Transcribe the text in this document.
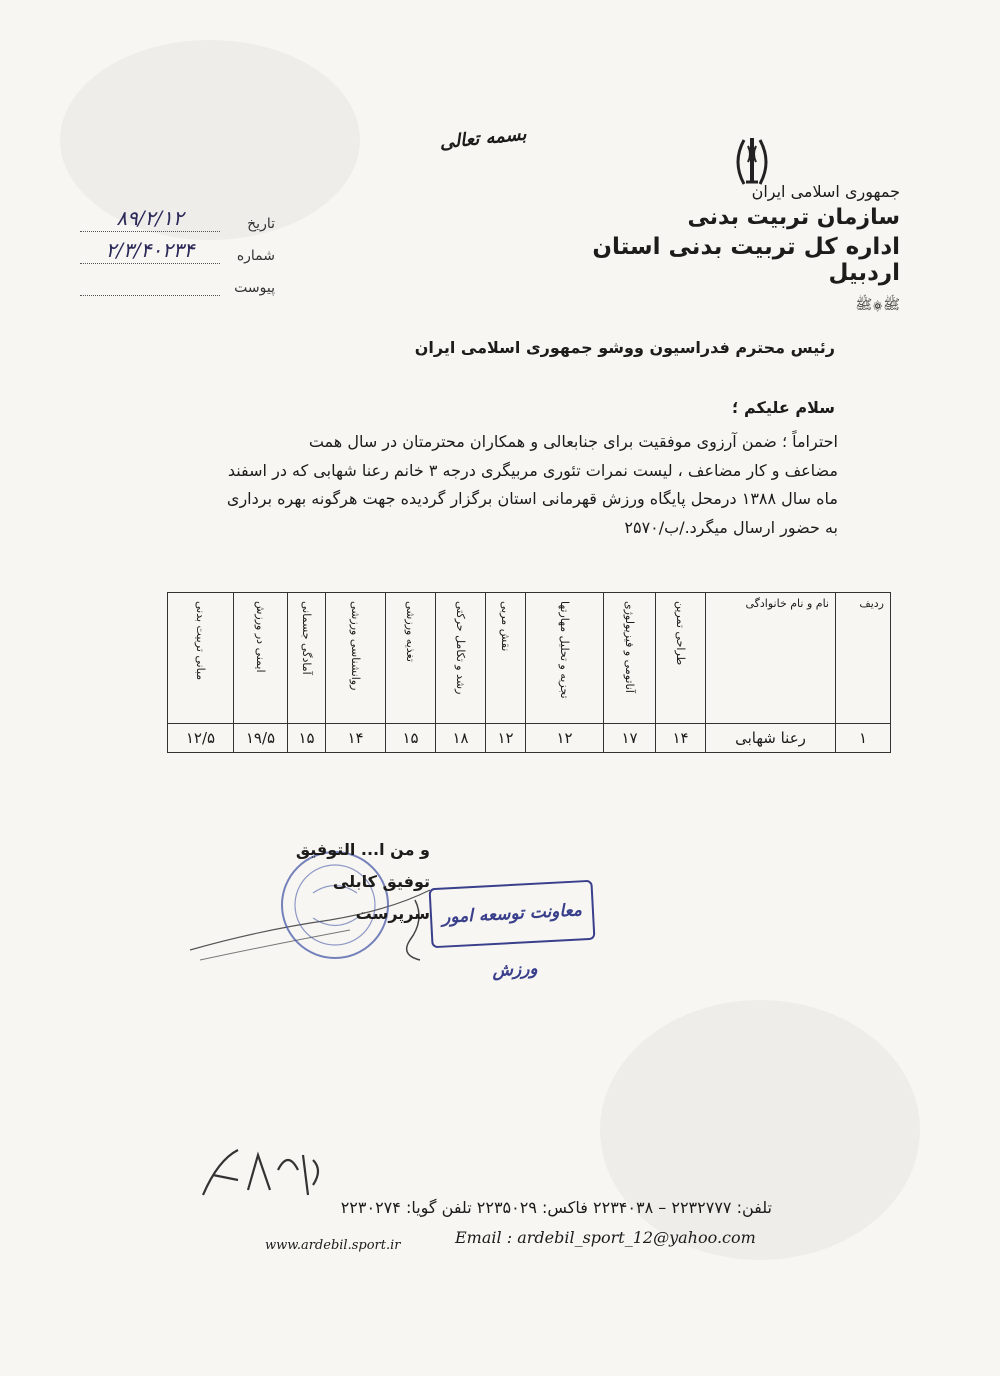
بسمه تعالی
جمهوری اسلامی ایران
سازمان تربیت بدنی
اداره کل تربیت بدنی استان اردبیل
ﷺ۞ﷺ
تاریخ
۸۹/۲/۱۲
شماره
۲/۳/۴۰۲۳۴
پیوست
رئیس محترم فدراسیون ووشو جمهوری اسلامی ایران
سلام علیکم ؛
احتراماً ؛ ضمن آرزوی موفقیت برای جنابعالی و همکاران محترمتان در سال همت
مضاعف و کار مضاعف ، لیست نمرات تئوری مربیگری درجه ۳ خانم رعنا شهابی که در اسفند
ماه سال ۱۳۸۸ درمحل پایگاه ورزش قهرمانی استان برگزار گردیده جهت هرگونه بهره برداری
به حضور ارسال میگرد./ب/۲۵۷۰
ردیف	نام و نام خانوادگی	طراحی تمرین	آناتومی و فیزیولوژی	تجزیه و تحلیل مهارتها	نقش مربی	رشد و تکامل حرکتی	تغذیه ورزشی	روانشناسی ورزشی	آمادگی جسمانی	ایمنی در ورزش	مبانی تربیت بدنی

۱	رعنا شهابی	۱۴	۱۷	۱۲	۱۲	۱۸	۱۵	۱۴	۱۵	۱۹/۵	۱۲/۵
و من ا... التوفیق
توفیق کابلی
سرپرست معاونت توسعه امور ورزش
تلفن: ۲۲۳۲۷۷۷ – ۲۲۳۴۰۳۸ فاکس: ۲۲۳۵۰۲۹ تلفن گویا: ۲۲۳۰۲۷۴
Email : ardebil_sport_12@yahoo.com
www.ardebil.sport.ir
